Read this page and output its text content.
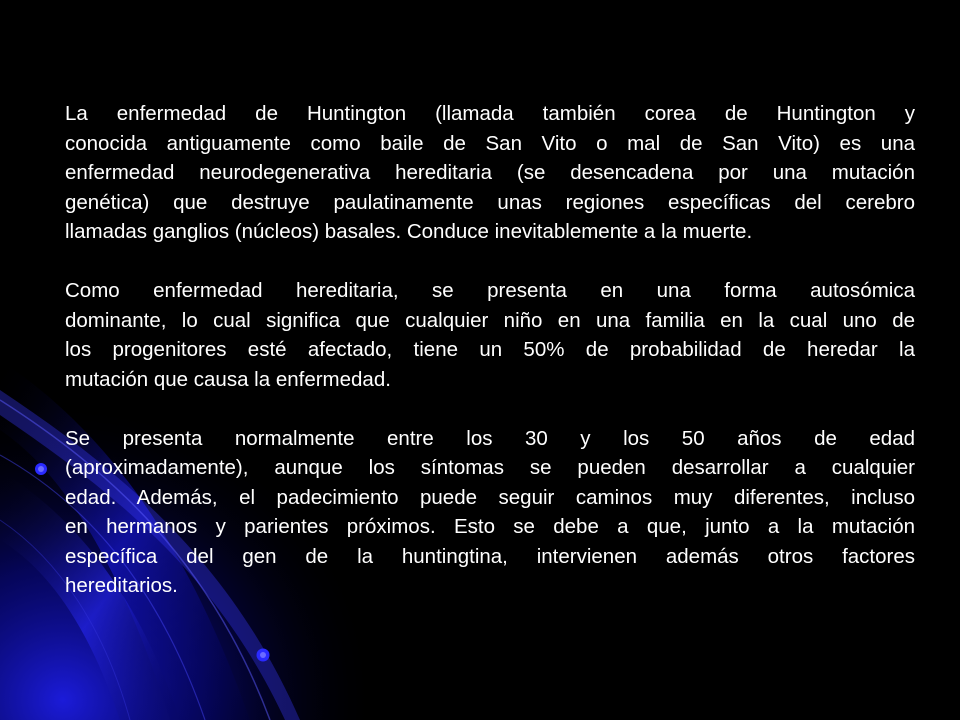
La enfermedad de Huntington (llamada también corea de Huntington y
conocida antiguamente como baile de San Vito o mal de San Vito) es una
enfermedad neurodegenerativa hereditaria (se desencadena por una mutación
genética) que destruye paulatinamente unas regiones específicas del cerebro
llamadas ganglios (núcleos) basales. Conduce inevitablemente a la muerte.

Como enfermedad hereditaria, se presenta en una forma autosómica
dominante, lo cual significa que cualquier niño en una familia en la cual uno de
los progenitores esté afectado, tiene un 50% de probabilidad de heredar la
mutación que causa la enfermedad.

Se presenta normalmente entre los 30 y los 50 años de edad
(aproximadamente), aunque los síntomas se pueden desarrollar a cualquier
edad. Además, el padecimiento puede seguir caminos muy diferentes, incluso
en hermanos y parientes próximos. Esto se debe a que, junto a la mutación
específica del gen de la huntingtina, intervienen además otros factores
hereditarios.
